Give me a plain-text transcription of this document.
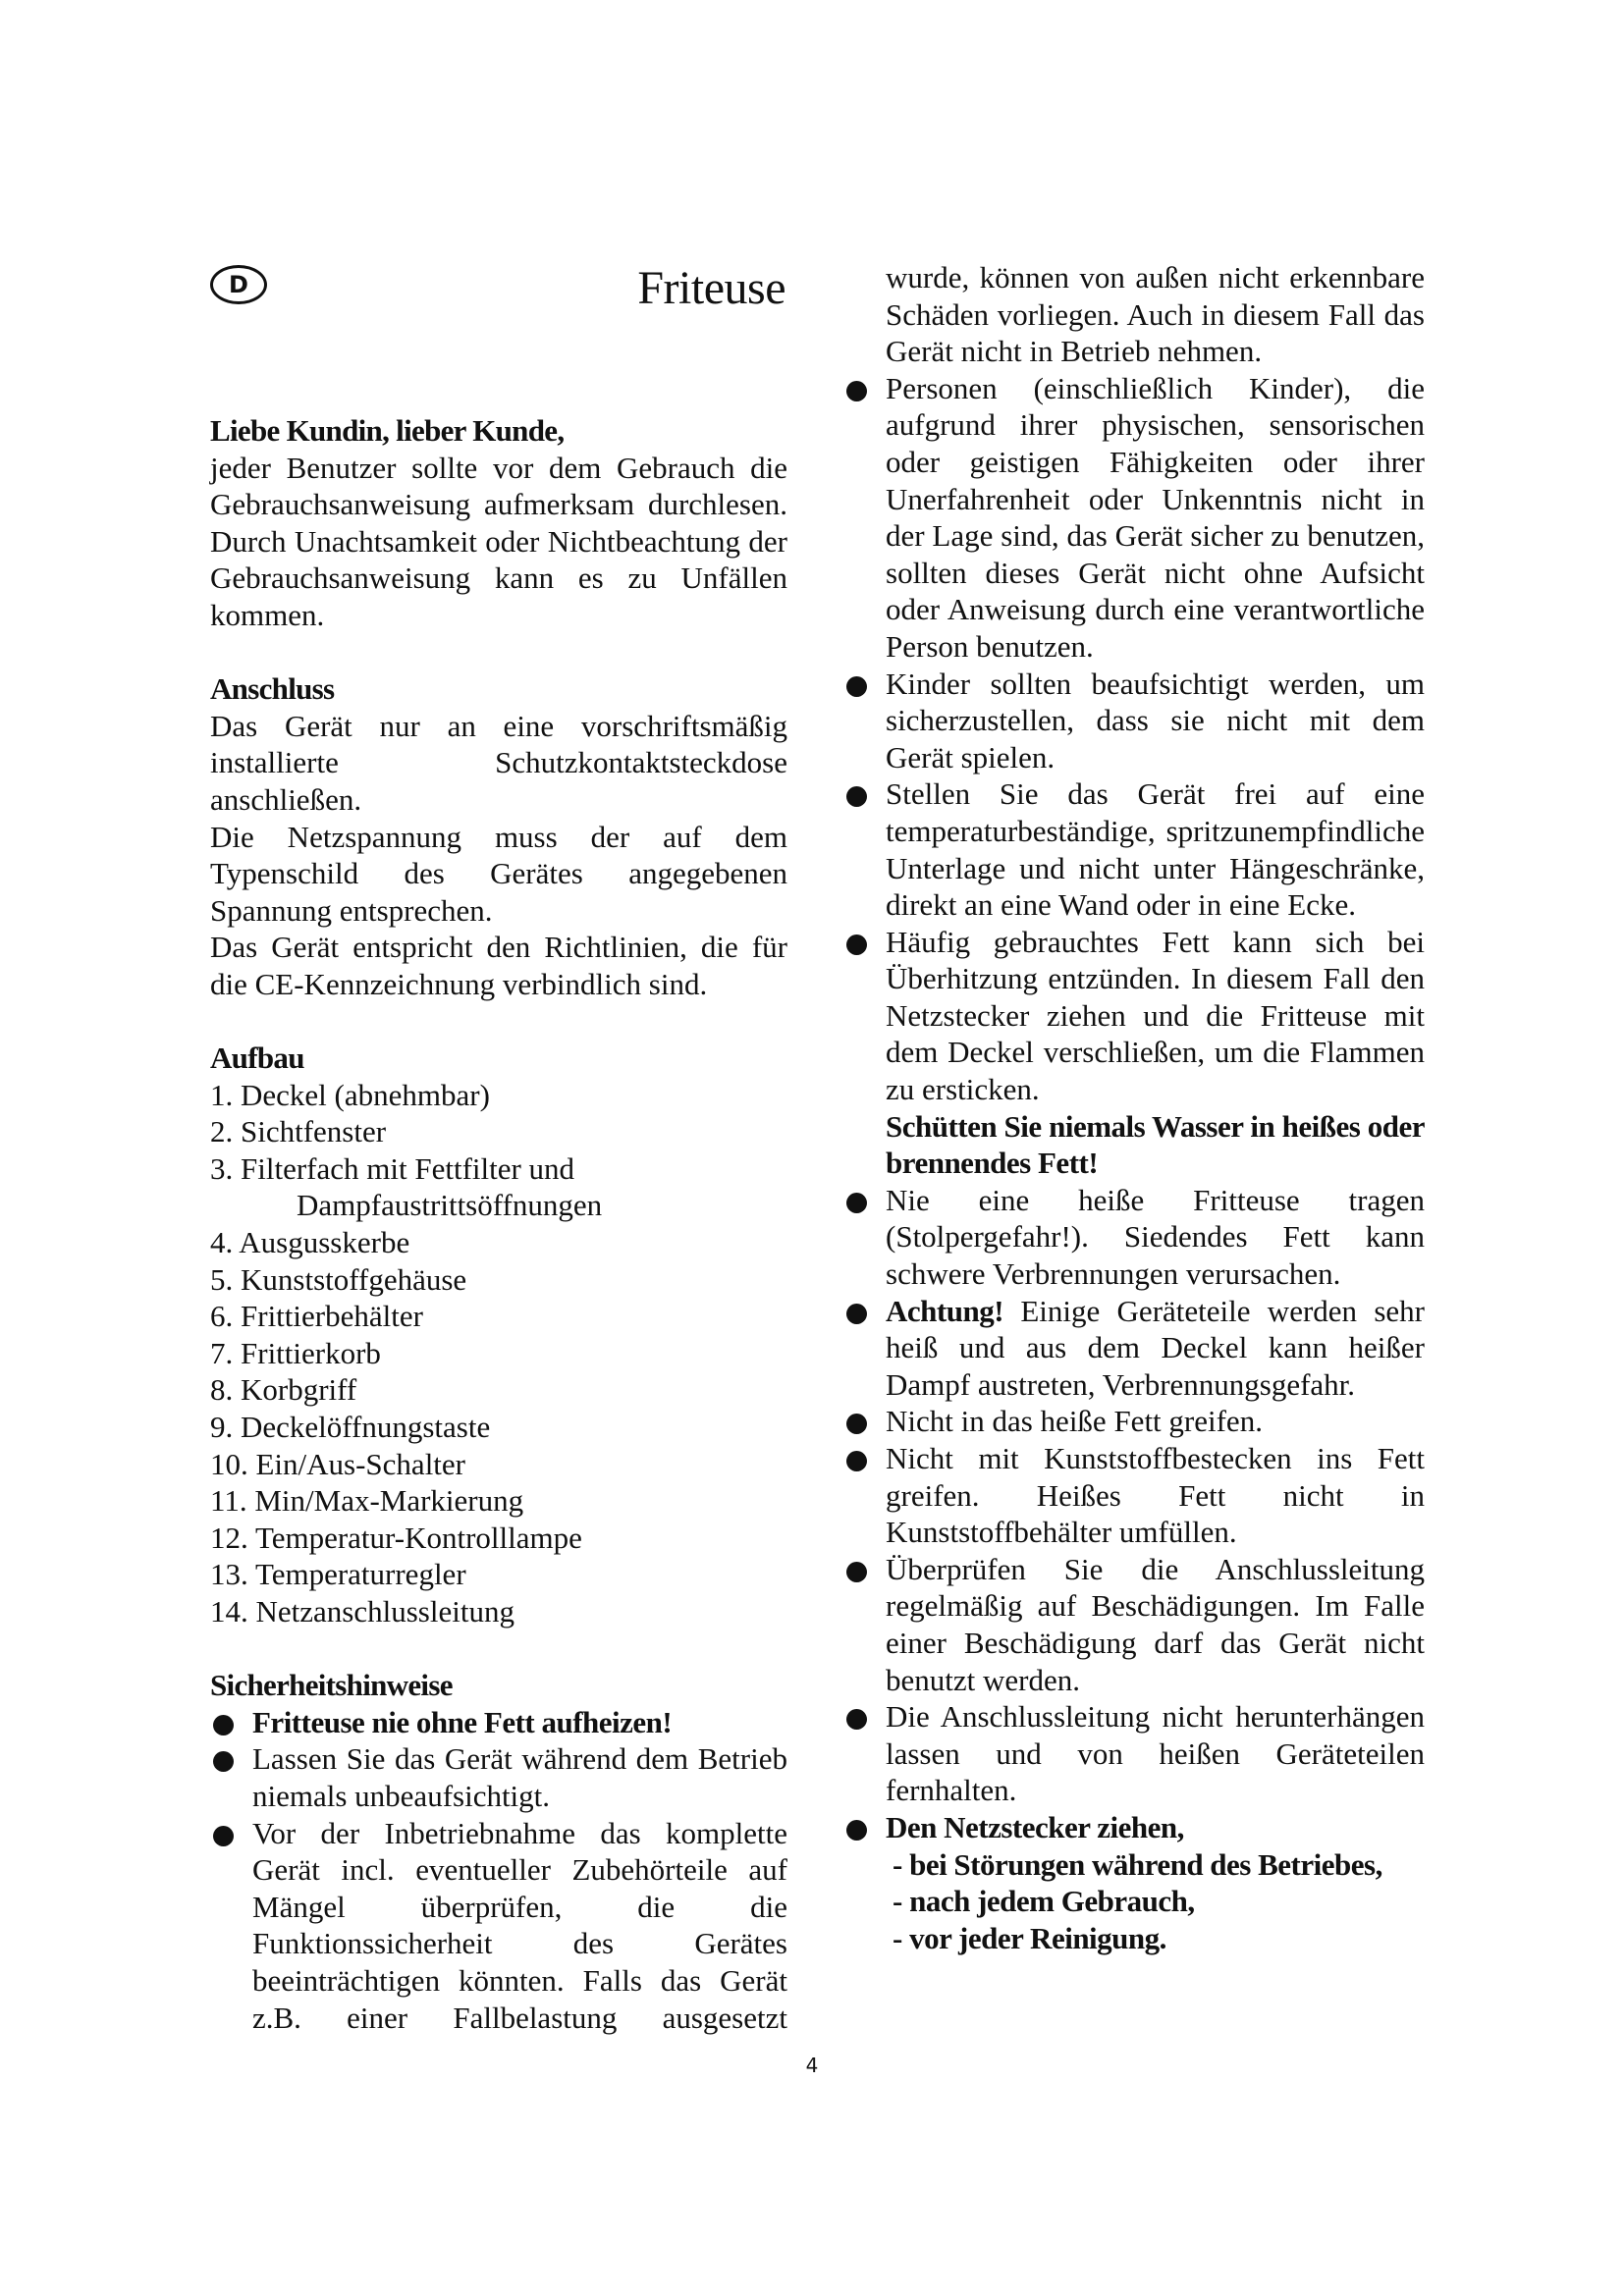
D	Friteuse
Liebe Kundin, lieber Kunde,
jeder Benutzer sollte vor dem Gebrauch die Gebrauchsanweisung aufmerksam durchlesen. Durch Unachtsamkeit oder Nichtbeachtung der Gebrauchsanweisung kann es zu Unfällen kommen.
Anschluss
Das Gerät nur an eine vorschriftsmäßig installierte Schutzkontaktsteckdose anschließen.
Die Netzspannung muss der auf dem Typenschild des Gerätes angegebenen Spannung entsprechen.
Das Gerät entspricht den Richtlinien, die für die CE-Kennzeichnung verbindlich sind.
Aufbau
1. Deckel (abnehmbar)
2. Sichtfenster
3. Filterfach mit Fettfilter und
Dampfaustrittsöffnungen
4. Ausgusskerbe
5. Kunststoffgehäuse
6. Frittierbehälter
7. Frittierkorb
8. Korbgriff
9. Deckelöffnungstaste
10. Ein/Aus-Schalter
11. Min/Max-Markierung
12. Temperatur-Kontrolllampe
13. Temperaturregler
14. Netzanschlussleitung
Sicherheitshinweise
Fritteuse nie ohne Fett aufheizen!
Lassen Sie das Gerät während dem Betrieb niemals unbeaufsichtigt.
Vor der Inbetriebnahme das komplette Gerät incl. eventueller Zubehörteile auf Mängel überprüfen, die die Funktionssicherheit des Gerätes beeinträchtigen könnten. Falls das Gerät z.B. einer Fallbelastung ausgesetzt
wurde, können von außen nicht erkennbare Schäden vorliegen. Auch in diesem Fall das Gerät nicht in Betrieb nehmen.
Personen (einschließlich Kinder), die aufgrund ihrer physischen, sensorischen oder geistigen Fähigkeiten oder ihrer Unerfahrenheit oder Unkenntnis nicht in der Lage sind, das Gerät sicher zu benutzen, sollten dieses Gerät nicht ohne Aufsicht oder Anweisung durch eine verantwortliche Person benutzen.
Kinder sollten beaufsichtigt werden, um sicherzustellen, dass sie nicht mit dem Gerät spielen.
Stellen Sie das Gerät frei auf eine temperaturbeständige, spritzunempfindliche Unterlage und nicht unter Hängeschränke, direkt an eine Wand oder in eine Ecke.
Häufig gebrauchtes Fett kann sich bei Überhitzung entzünden. In diesem Fall den Netzstecker ziehen und die Fritteuse mit dem Deckel verschließen, um die Flammen zu ersticken.
Schütten Sie niemals Wasser in heißes oder brennendes Fett!
Nie eine heiße Fritteuse tragen (Stolpergefahr!). Siedendes Fett kann schwere Verbrennungen verursachen.
Achtung! Einige Geräteteile werden sehr heiß und aus dem Deckel kann heißer Dampf austreten, Verbrennungsgefahr.
Nicht in das heiße Fett greifen.
Nicht mit Kunststoffbestecken ins Fett greifen. Heißes Fett nicht in Kunststoffbehälter umfüllen.
Überprüfen Sie die Anschlussleitung regelmäßig auf Beschädigungen. Im Falle einer Beschädigung darf das Gerät nicht benutzt werden.
Die Anschlussleitung nicht herunterhängen lassen und von heißen Geräteteilen fernhalten.
Den Netzstecker ziehen,
- bei Störungen während des Betriebes,
- nach jedem Gebrauch,
- vor jeder Reinigung.
4
